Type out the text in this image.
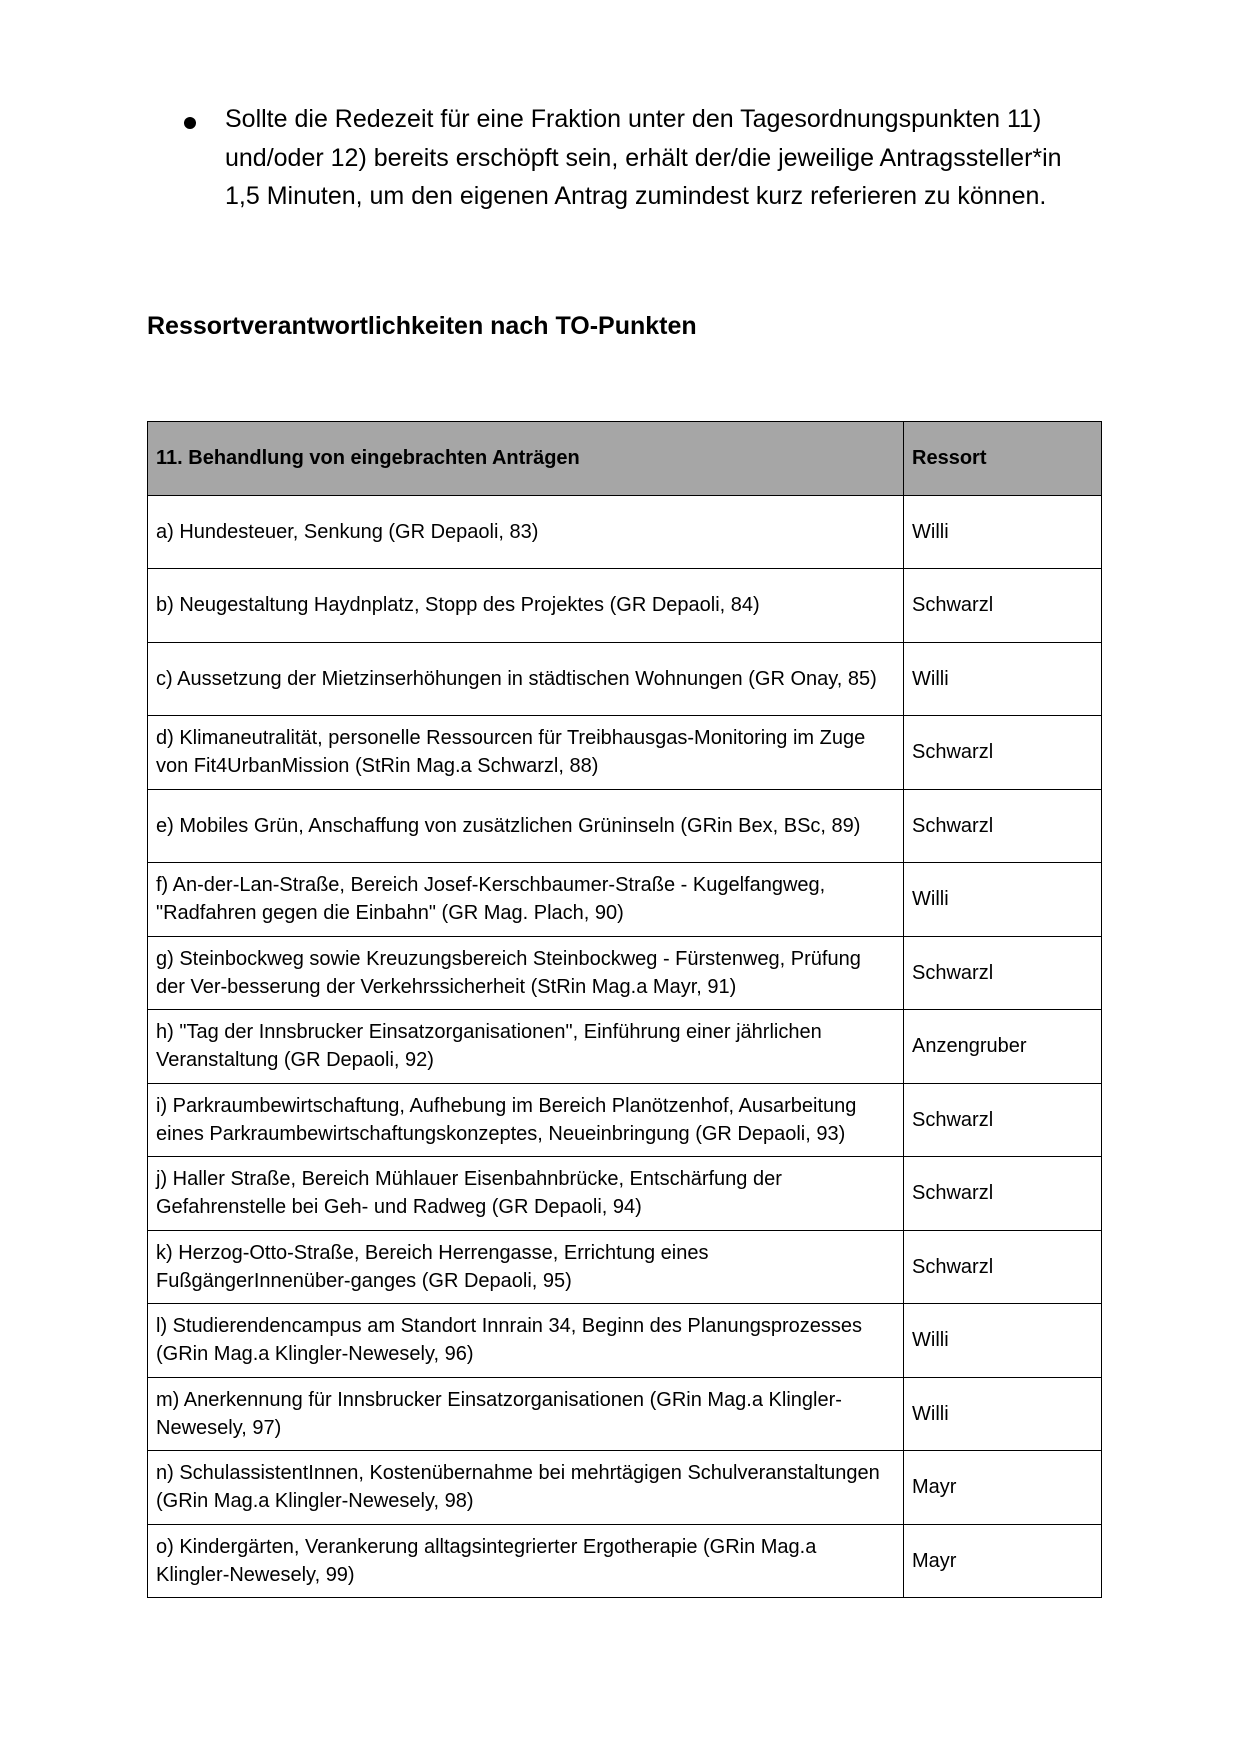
Sollte die Redezeit für eine Fraktion unter den Tagesordnungspunkten 11) und/oder 12) bereits erschöpft sein, erhält der/die jeweilige Antragssteller*in 1,5 Minuten, um den eigenen Antrag zumindest kurz referieren zu können.
Ressortverantwortlichkeiten nach TO-Punkten
11. Behandlung von eingebrachten Anträgen	Ressort
a) Hundesteuer, Senkung (GR Depaoli, 83)	Willi
b) Neugestaltung Haydnplatz, Stopp des Projektes (GR Depaoli, 84)	Schwarzl
c) Aussetzung der Mietzinserhöhungen in städtischen Wohnungen (GR Onay, 85)	Willi
d) Klimaneutralität, personelle Ressourcen für Treibhausgas-Monitoring im Zuge von Fit4UrbanMission (StRin Mag.a Schwarzl, 88)	Schwarzl
e) Mobiles Grün, Anschaffung von zusätzlichen Grüninseln (GRin Bex, BSc, 89)	Schwarzl
f) An-der-Lan-Straße, Bereich Josef-Kerschbaumer-Straße - Kugelfangweg, "Radfahren gegen die Einbahn" (GR Mag. Plach, 90)	Willi
g) Steinbockweg sowie Kreuzungsbereich Steinbockweg - Fürstenweg, Prüfung der Ver-besserung der Verkehrssicherheit (StRin Mag.a Mayr, 91)	Schwarzl
h) "Tag der Innsbrucker Einsatzorganisationen", Einführung einer jährlichen Veranstaltung (GR Depaoli, 92)	Anzengruber
i) Parkraumbewirtschaftung, Aufhebung im Bereich Planötzenhof, Ausarbeitung eines Parkraumbewirtschaftungskonzeptes, Neueinbringung (GR Depaoli, 93)	Schwarzl
j) Haller Straße, Bereich Mühlauer Eisenbahnbrücke, Entschärfung der Gefahrenstelle bei Geh- und Radweg (GR Depaoli, 94)	Schwarzl
k) Herzog-Otto-Straße, Bereich Herrengasse, Errichtung eines FußgängerInnenüber-ganges (GR Depaoli, 95)	Schwarzl
l) Studierendencampus am Standort Innrain 34, Beginn des Planungsprozesses (GRin Mag.a Klingler-Newesely, 96)	Willi
m) Anerkennung für Innsbrucker Einsatzorganisationen (GRin Mag.a Klingler-Newesely, 97)	Willi
n) SchulassistentInnen, Kostenübernahme bei mehrtägigen Schulveranstaltungen (GRin Mag.a Klingler-Newesely, 98)	Mayr
o) Kindergärten, Verankerung alltagsintegrierter Ergotherapie (GRin Mag.a Klingler-Newesely, 99)	Mayr
